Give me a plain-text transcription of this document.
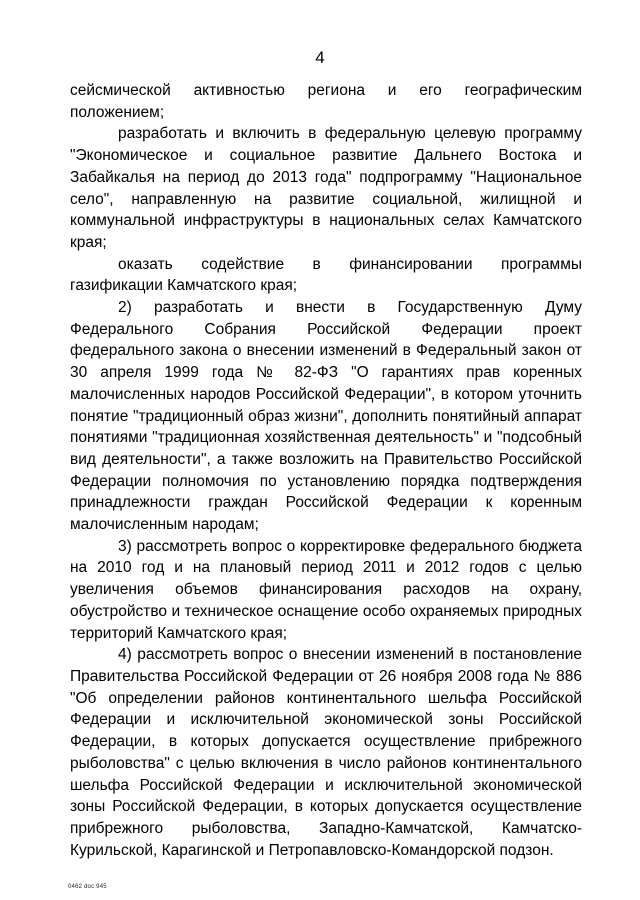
4

сейсмической активностью региона и его географическим положением;

разработать и включить в федеральную целевую программу "Экономическое и социальное развитие Дальнего Востока и Забайкалья на период до 2013 года" подпрограмму "Национальное село", направленную на развитие социальной, жилищной и коммунальной инфраструктуры в национальных селах Камчатского края;

оказать содействие в финансировании программы газификации Камчатского края;

2) разработать и внести в Государственную Думу Федерального Собрания Российской Федерации проект федерального закона о внесении изменений в Федеральный закон от 30 апреля 1999 года № 82-ФЗ "О гарантиях прав коренных малочисленных народов Российской Федерации", в котором уточнить понятие "традиционный образ жизни", дополнить понятийный аппарат понятиями "традиционная хозяйственная деятельность" и "подсобный вид деятельности", а также возложить на Правительство Российской Федерации полномочия по установлению порядка подтверждения принадлежности граждан Российской Федерации к коренным малочисленным народам;

3) рассмотреть вопрос о корректировке федерального бюджета на 2010 год и на плановый период 2011 и 2012 годов с целью увеличения объемов финансирования расходов на охрану, обустройство и техническое оснащение особо охраняемых природных территорий Камчатского края;

4) рассмотреть вопрос о внесении изменений в постановление Правительства Российской Федерации от 26 ноября 2008 года № 886 "Об определении районов континентального шельфа Российской Федерации и исключительной экономической зоны Российской Федерации, в которых допускается осуществление прибрежного рыболовства" с целью включения в число районов континентального шельфа Российской Федерации и исключительной экономической зоны Российской Федерации, в которых допускается осуществление прибрежного рыболовства, Западно-Камчатской, Камчатско-Курильской, Карагинской и Петропавловско-Командорской подзон.

0462 doc 945
